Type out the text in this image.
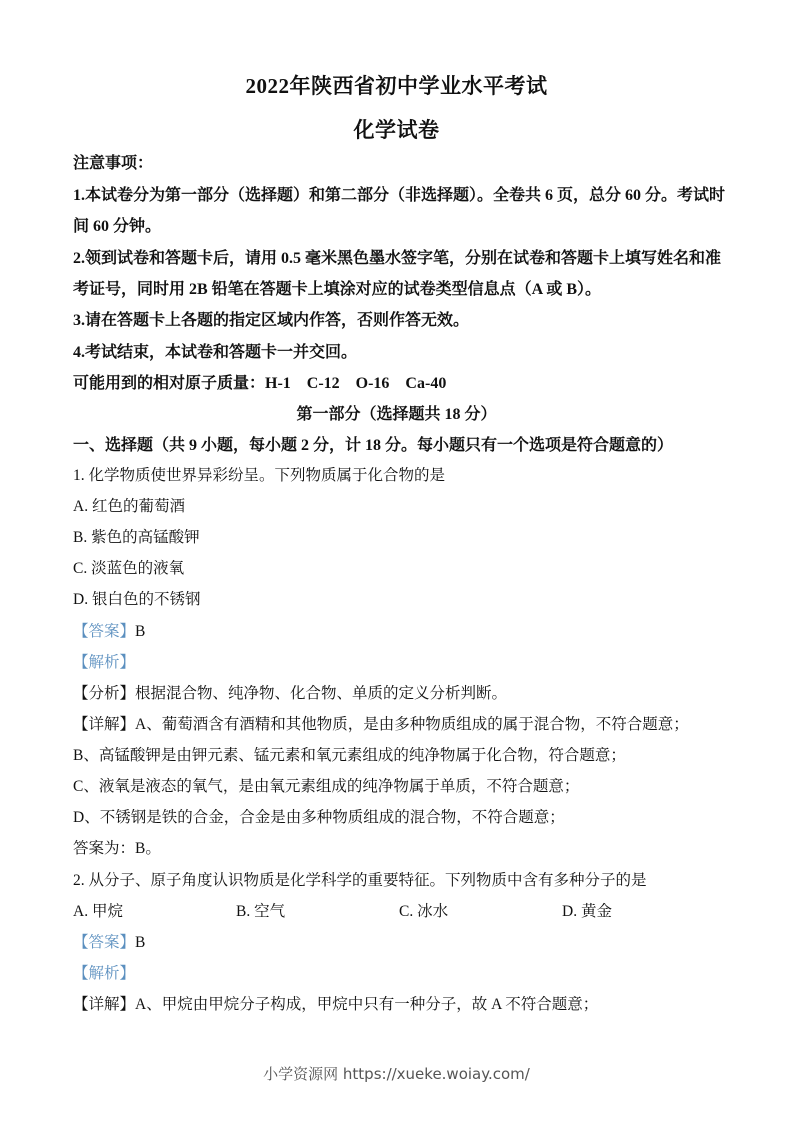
2022年陕西省初中学业水平考试
化学试卷
注意事项：
1.本试卷分为第一部分（选择题）和第二部分（非选择题）。全卷共 6 页，总分 60 分。考试时
间 60 分钟。
2.领到试卷和答题卡后，请用 0.5 毫米黑色墨水签字笔，分别在试卷和答题卡上填写姓名和准
考证号，同时用 2B 铅笔在答题卡上填涂对应的试卷类型信息点（A 或 B）。
3.请在答题卡上各题的指定区域内作答，否则作答无效。
4.考试结束，本试卷和答题卡一并交回。
可能用到的相对原子质量：H-1    C-12    O-16    Ca-40
第一部分（选择题共 18 分）
一、选择题（共 9 小题，每小题 2 分，计 18 分。每小题只有一个选项是符合题意的）
1. 化学物质使世界异彩纷呈。下列物质属于化合物的是
A. 红色的葡萄酒
B. 紫色的高锰酸钾
C. 淡蓝色的液氧
D. 银白色的不锈钢
【答案】B
【解析】
【分析】根据混合物、纯净物、化合物、单质的定义分析判断。
【详解】A、葡萄酒含有酒精和其他物质，是由多种物质组成的属于混合物，不符合题意；
B、高锰酸钾是由钾元素、锰元素和氧元素组成的纯净物属于化合物，符合题意；
C、液氧是液态的氧气，是由氧元素组成的纯净物属于单质，不符合题意；
D、不锈钢是铁的合金，合金是由多种物质组成的混合物，不符合题意；
答案为：B。
2. 从分子、原子角度认识物质是化学科学的重要特征。下列物质中含有多种分子的是
A. 甲烷	B. 空气	C. 冰水	D. 黄金
【答案】B
【解析】
【详解】A、甲烷由甲烷分子构成，甲烷中只有一种分子，故 A 不符合题意；
小学资源网 https://xueke.woiay.com/
